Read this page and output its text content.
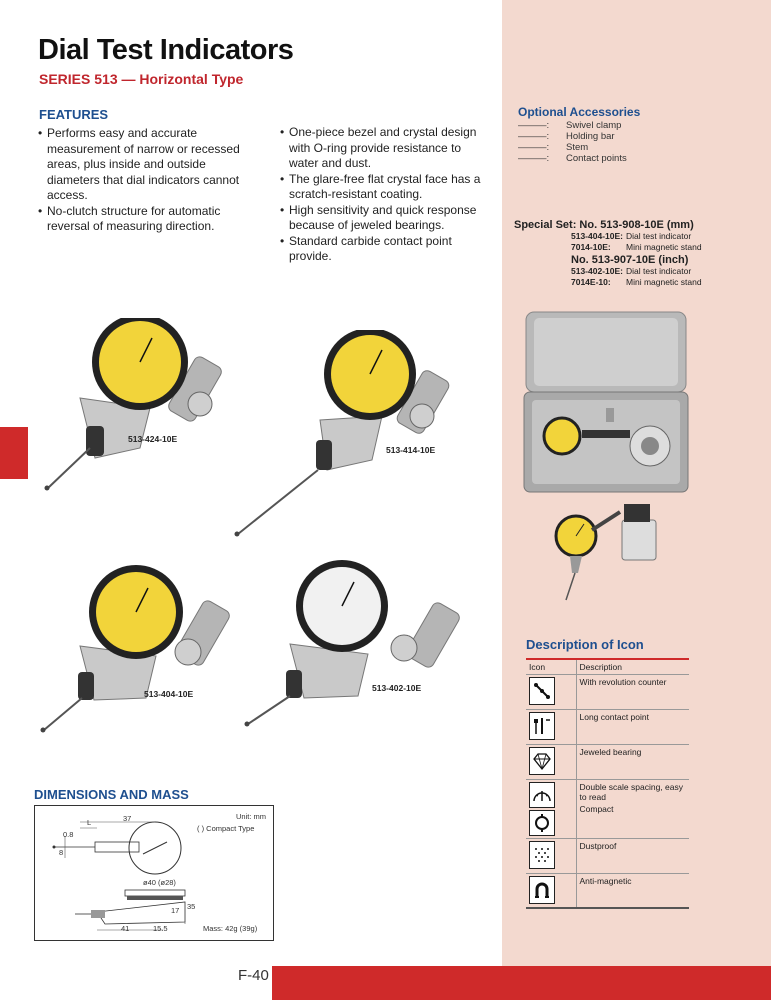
F-40
Dial Test Indicators
SERIES 513 — Horizontal Type
FEATURES
• Performs easy and accurate measurement of narrow or recessed areas, plus inside and outside diameters that dial indicators cannot access.
• No-clutch structure for automatic reversal of measuring direction.
• One-piece bezel and crystal design with O-ring provide resistance to water and dust.
• The glare-free flat crystal face has a scratch-resistant coating.
• High sensitivity and quick response because of jeweled bearings.
• Standard carbide contact point provide.
Optional Accessories
———:	Swivel clamp
———:	Holding bar
———:	Stem
———:	Contact points
Special Set: No. 513-908-10E (mm)
513-404-10E: Dial test indicator
7014-10E:	Mini magnetic stand
No. 513-907-10E (inch)
513-402-10E: Dial test indicator
7014E-10:	Mini magnetic stand
513-424-10E
513-414-10E
513-404-10E
513-402-10E
Description of Icon
Icon	Description

	With revolution counter

	Long contact point

	Jeweled bearing

Double scale spacing, easy to read
Compact

	Dustproof

	Anti-magnetic
DIMENSIONS AND MASS
Unit: mm
( ) Compact Type
37
L
0.8
8
ø40 (ø28)
41	15.5
17 35
Mass: 42g (39g)
